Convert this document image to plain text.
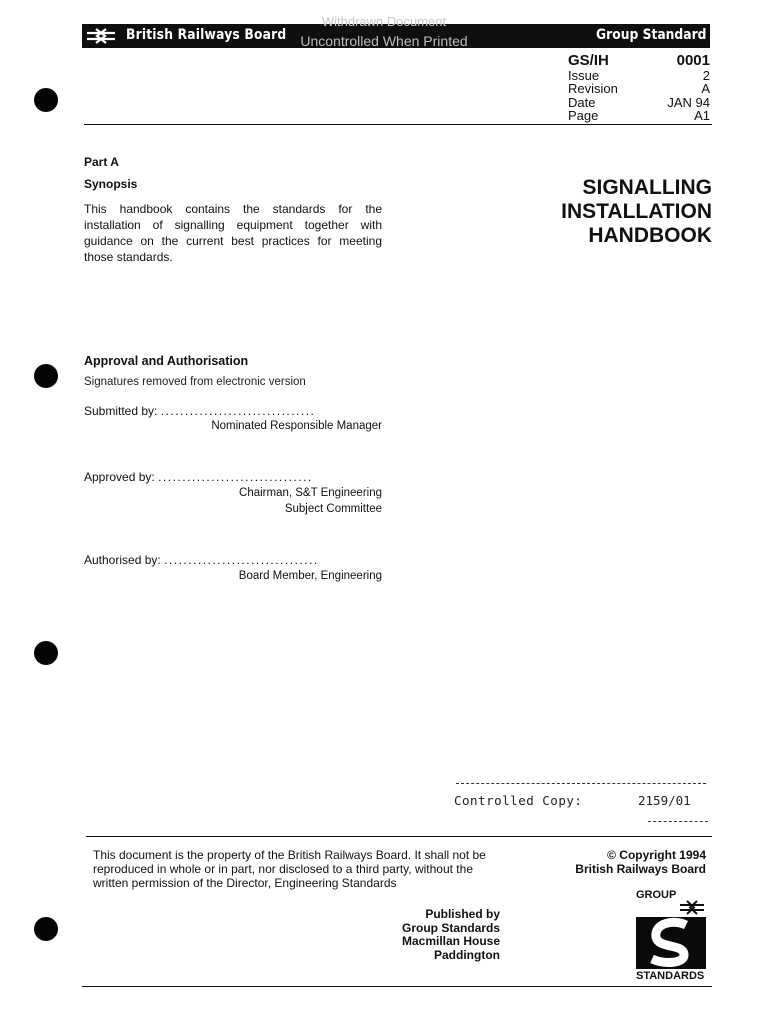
British Railways Board	Group Standard
Withdrawn Document
Uncontrolled When Printed
GS/IH	0001
Issue	2
Revision	A
Date	JAN 94
Page	A1
Part A
Synopsis
This handbook contains the standards for the installation of signalling equipment together with guidance on the current best practices for meeting those standards.
SIGNALLING
INSTALLATION
HANDBOOK
Approval and Authorisation
Signatures removed from electronic version
Submitted by: ................................
Nominated Responsible Manager
Approved by: ................................
Chairman, S&T Engineering
Subject Committee
Authorised by: ................................
Board Member, Engineering
Controlled Copy:	2159/01
This document is the property of the British Railways Board. It shall not be reproduced in whole or in part, nor disclosed to a third party, without the written permission of the Director, Engineering Standards
Published by
Group Standards
Macmillan House
Paddington
© Copyright 1994
British Railways Board
GROUP
STANDARDS
